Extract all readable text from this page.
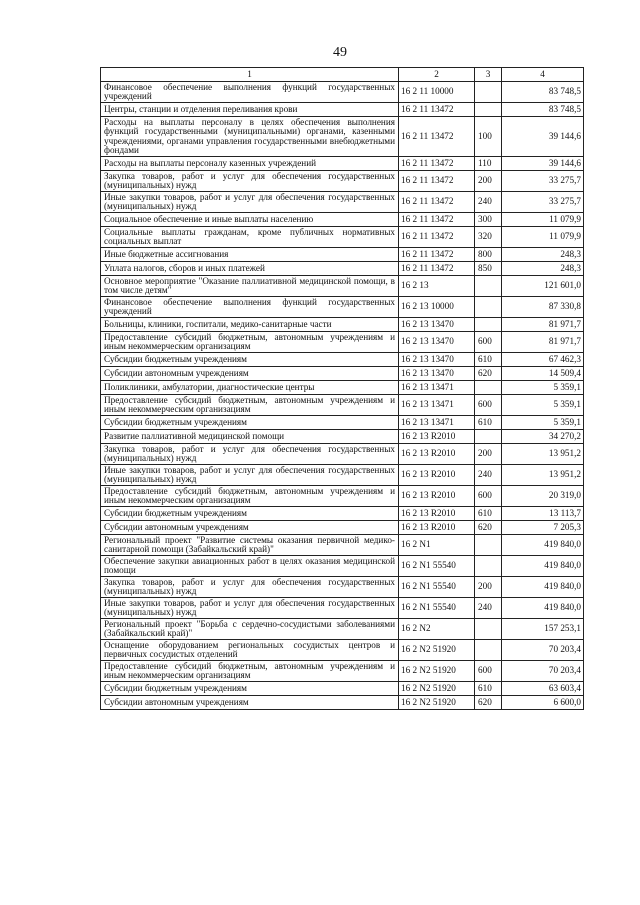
49
1	2	3	4
Финансовое обеспечение выполнения функций государственных учреждений	16 2 11 10000		83 748,5
Центры, станции и отделения переливания крови	16 2 11 13472		83 748,5
Расходы на выплаты персоналу в целях обеспечения выполнения функций государственными (муниципальными) органами, казенными учреждениями, органами управления государственными внебюджетными фондами	16 2 11 13472	100	39 144,6
Расходы на выплаты персоналу казенных учреждений	16 2 11 13472	110	39 144,6
Закупка товаров, работ и услуг для обеспечения государственных (муниципальных) нужд	16 2 11 13472	200	33 275,7
Иные закупки товаров, работ и услуг для обеспечения государственных (муниципальных) нужд	16 2 11 13472	240	33 275,7
Социальное обеспечение и иные выплаты населению	16 2 11 13472	300	11 079,9
Социальные выплаты гражданам, кроме публичных нормативных социальных выплат	16 2 11 13472	320	11 079,9
Иные бюджетные ассигнования	16 2 11 13472	800	248,3
Уплата налогов, сборов и иных платежей	16 2 11 13472	850	248,3
Основное мероприятие "Оказание паллиативной медицинской помощи, в том числе детям"	16 2 13		121 601,0
Финансовое обеспечение выполнения функций государственных учреждений	16 2 13 10000		87 330,8
Больницы, клиники, госпитали, медико-санитарные части	16 2 13 13470		81 971,7
Предоставление субсидий бюджетным, автономным учреждениям и иным некоммерческим организациям	16 2 13 13470	600	81 971,7
Субсидии бюджетным учреждениям	16 2 13 13470	610	67 462,3
Субсидии автономным учреждениям	16 2 13 13470	620	14 509,4
Поликлиники, амбулатории, диагностические центры	16 2 13 13471		5 359,1
Предоставление субсидий бюджетным, автономным учреждениям и иным некоммерческим организациям	16 2 13 13471	600	5 359,1
Субсидии бюджетным учреждениям	16 2 13 13471	610	5 359,1
Развитие паллиативной медицинской помощи	16 2 13 R2010		34 270,2
Закупка товаров, работ и услуг для обеспечения государственных (муниципальных) нужд	16 2 13 R2010	200	13 951,2
Иные закупки товаров, работ и услуг для обеспечения государственных (муниципальных) нужд	16 2 13 R2010	240	13 951,2
Предоставление субсидий бюджетным, автономным учреждениям и иным некоммерческим организациям	16 2 13 R2010	600	20 319,0
Субсидии бюджетным учреждениям	16 2 13 R2010	610	13 113,7
Субсидии автономным учреждениям	16 2 13 R2010	620	7 205,3
Региональный проект "Развитие системы оказания первичной медико-санитарной помощи (Забайкальский край)"	16 2 N1		419 840,0
Обеспечение закупки авиационных работ в целях оказания медицинской помощи	16 2 N1 55540		419 840,0
Закупка товаров, работ и услуг для обеспечения государственных (муниципальных) нужд	16 2 N1 55540	200	419 840,0
Иные закупки товаров, работ и услуг для обеспечения государственных (муниципальных) нужд	16 2 N1 55540	240	419 840,0
Региональный проект "Борьба с сердечно-сосудистыми заболеваниями (Забайкальский край)"	16 2 N2		157 253,1
Оснащение оборудованием региональных сосудистых центров и первичных сосудистых отделений	16 2 N2 51920		70 203,4
Предоставление субсидий бюджетным, автономным учреждениям и иным некоммерческим организациям	16 2 N2 51920	600	70 203,4
Субсидии бюджетным учреждениям	16 2 N2 51920	610	63 603,4
Субсидии автономным учреждениям	16 2 N2 51920	620	6 600,0
